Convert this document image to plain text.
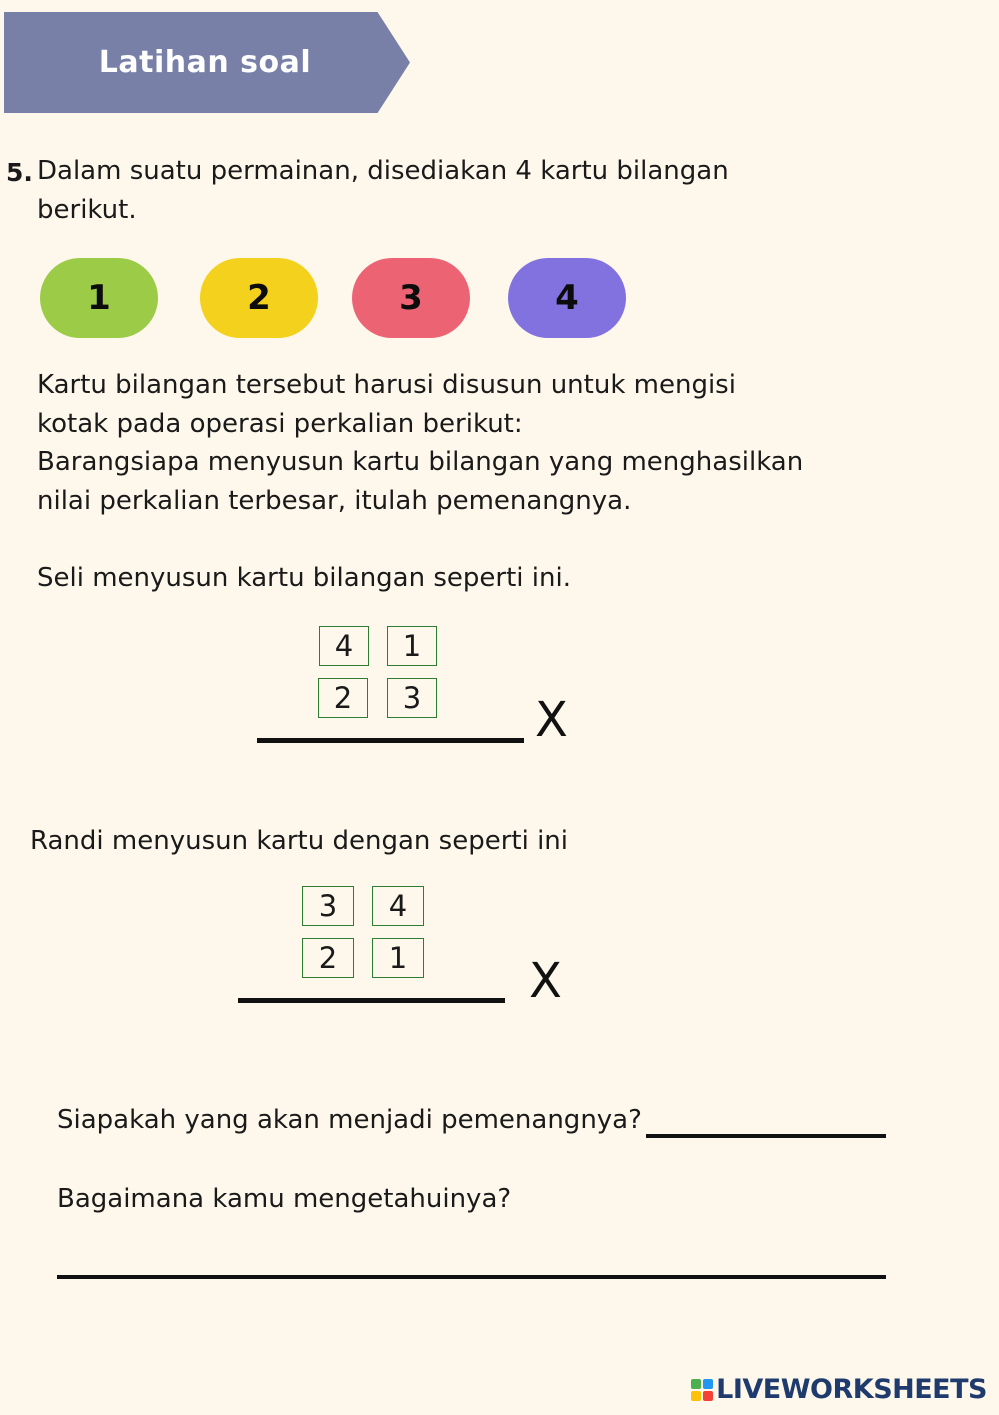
Latihan soal
5. Dalam suatu permainan, disediakan 4 kartu bilangan
berikut.
1	2	3	4
Kartu bilangan tersebut harusi disusun untuk mengisi
kotak pada operasi perkalian berikut:
Barangsiapa menyusun kartu bilangan yang menghasilkan
nilai perkalian terbesar, itulah pemenangnya.
Seli menyusun kartu bilangan seperti ini.
4	1
2	3	X
Randi menyusun kartu dengan seperti ini
3	4
2	1	X
Siapakah yang akan menjadi pemenangnya?
Bagaimana kamu mengetahuinya?
LIVEWORKSHEETS
